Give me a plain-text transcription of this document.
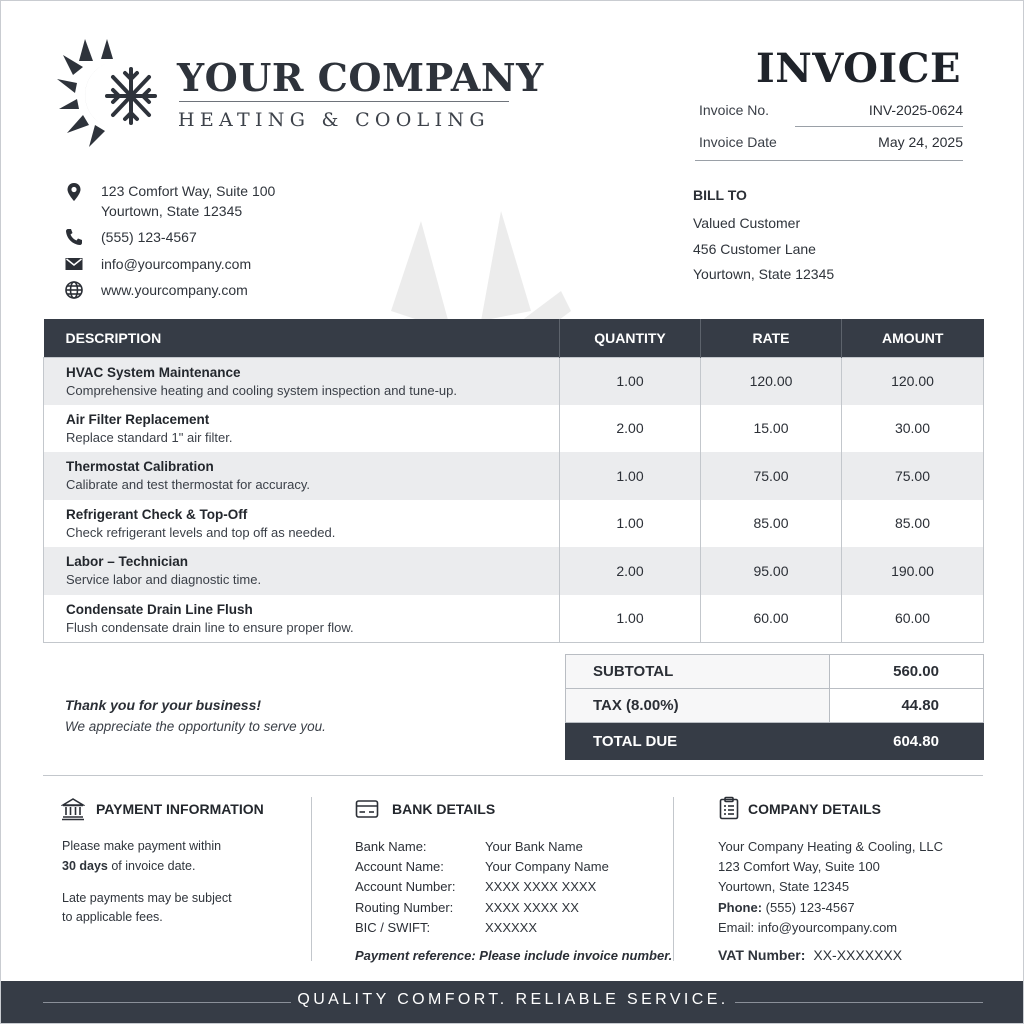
YOUR COMPANY
HEATING & COOLING
INVOICE
Invoice No.	INV-2025-0624
Invoice Date	May 24, 2025
123 Comfort Way, Suite 100
Yourtown, State 12345
(555) 123-4567
info@yourcompany.com
www.yourcompany.com
BILL TO
Valued Customer
456 Customer Lane
Yourtown, State 12345
DESCRIPTION	QUANTITY	RATE	AMOUNT

HVAC System Maintenance
Comprehensive heating and cooling system inspection and tune-up.	1.00	120.00	120.00

Air Filter Replacement
Replace standard 1" air filter.	2.00	15.00	30.00

Thermostat Calibration
Calibrate and test thermostat for accuracy.	1.00	75.00	75.00

Refrigerant Check & Top-Off
Check refrigerant levels and top off as needed.	1.00	85.00	85.00

Labor – Technician
Service labor and diagnostic time.	2.00	95.00	190.00

Condensate Drain Line Flush
Flush condensate drain line to ensure proper flow.	1.00	60.00	60.00
SUBTOTAL	560.00
TAX (8.00%)	44.80
TOTAL DUE	604.80
Thank you for your business!
We appreciate the opportunity to serve you.
PAYMENT INFORMATION
Please make payment within
30 days of invoice date.
Late payments may be subject
to applicable fees.
BANK DETAILS
Bank Name:	Your Bank Name
Account Name:	Your Company Name
Account Number: XXXX XXXX XXXX
Routing Number: XXXX XXXX XX
BIC / SWIFT:	XXXXXX
Payment reference: Please include invoice number.
COMPANY DETAILS
Your Company Heating & Cooling, LLC
123 Comfort Way, Suite 100
Yourtown, State 12345
Phone: (555) 123-4567
Email: info@yourcompany.com
VAT Number: XX-XXXXXXX
QUALITY COMFORT. RELIABLE SERVICE.
